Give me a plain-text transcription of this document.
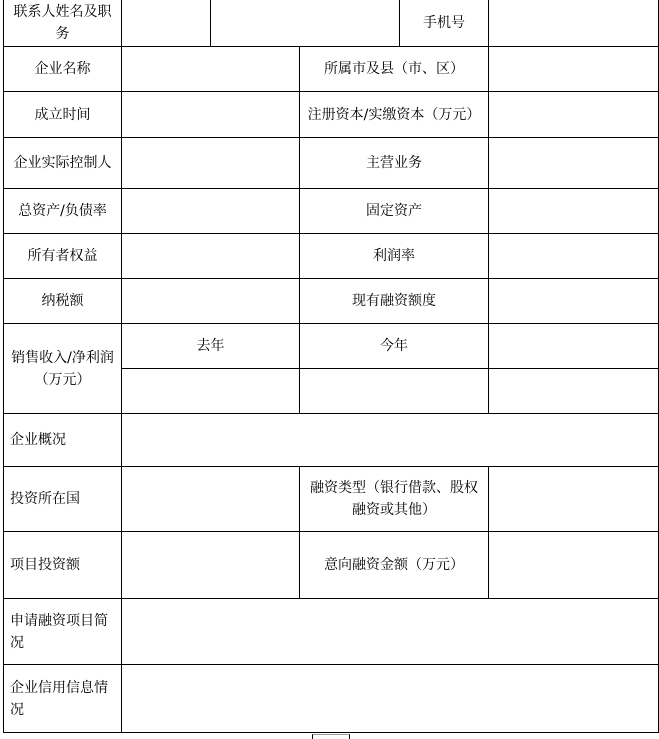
联系人姓名及职务				手机号	
企业名称			所属市及县（市、区）		
成立时间			注册资本/实缴资本（万元）		
企业实际控制人			主营业务		
总资产/负债率			固定资产		
所有者权益			利润率		
纳税额			现有融资额度		
销售收入/净利润（万元）	去年		今年		

企业概况					
投资所在国			融资类型（银行借款、股权融资或其他）		
项目投资额			意向融资金额（万元）		
申请融资项目简况					
企业信用信息情况					
